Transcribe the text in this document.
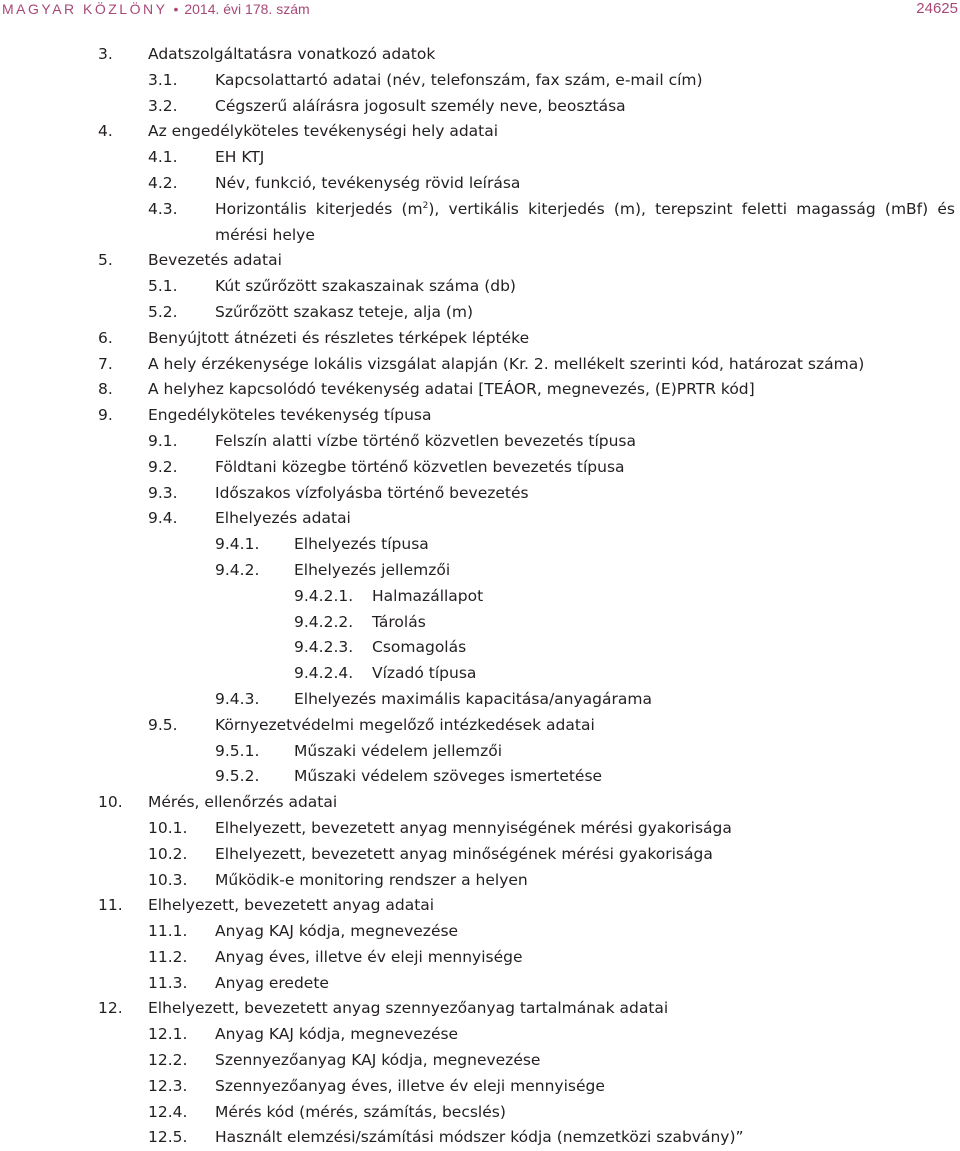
MAGYAR KÖZLÖNY • 2014. évi 178. szám	24625
3. Adatszolgáltatásra vonatkozó adatok
3.1. Kapcsolattartó adatai (név, telefonszám, fax szám, e-mail cím)
3.2. Cégszerű aláírásra jogosult személy neve, beosztása
4. Az engedélyköteles tevékenységi hely adatai
4.1. EH KTJ
4.2. Név, funkció, tevékenység rövid leírása
4.3. Horizontális kiterjedés $(m^2)$, vertikális kiterjedés (m), terepszint feletti magasság (mBf) és mérési helye
5. Bevezetés adatai
5.1. Kút szűrőzött szakaszainak száma (db)
5.2. Szűrőzött szakasz teteje, alja (m)
6. Benyújtott átnézeti és részletes térképek léptéke
7. A hely érzékenysége lokális vizsgálat alapján (Kr. 2. mellékelt szerinti kód, határozat száma)
8. A helyhez kapcsolódó tevékenység adatai [TEÁOR, megnevezés, (E)PRTR kód]
9. Engedélyköteles tevékenység típusa
9.1. Felszín alatti vízbe történő közvetlen bevezetés típusa
9.2. Földtani közegbe történő közvetlen bevezetés típusa
9.3. Időszakos vízfolyásba történő bevezetés
9.4. Elhelyezés adatai
9.4.1. Elhelyezés típusa
9.4.2. Elhelyezés jellemzői
9.4.2.1. Halmazállapot
9.4.2.2. Tárolás
9.4.2.3. Csomagolás
9.4.2.4. Vízadó típusa
9.4.3. Elhelyezés maximális kapacitása/anyagárama
9.5. Környezetvédelmi megelőző intézkedések adatai
9.5.1. Műszaki védelem jellemzői
9.5.2. Műszaki védelem szöveges ismertetése
10. Mérés, ellenőrzés adatai
10.1. Elhelyezett, bevezetett anyag mennyiségének mérési gyakorisága
10.2. Elhelyezett, bevezetett anyag minőségének mérési gyakorisága
10.3. Működik-e monitoring rendszer a helyen
11. Elhelyezett, bevezetett anyag adatai
11.1. Anyag KAJ kódja, megnevezése
11.2. Anyag éves, illetve év eleji mennyisége
11.3. Anyag eredete
12. Elhelyezett, bevezetett anyag szennyezőanyag tartalmának adatai
12.1. Anyag KAJ kódja, megnevezése
12.2. Szennyezőanyag KAJ kódja, megnevezése
12.3. Szennyezőanyag éves, illetve év eleji mennyisége
12.4. Mérés kód (mérés, számítás, becslés)
12.5. Használt elemzési/számítási módszer kódja (nemzetközi szabvány)”
